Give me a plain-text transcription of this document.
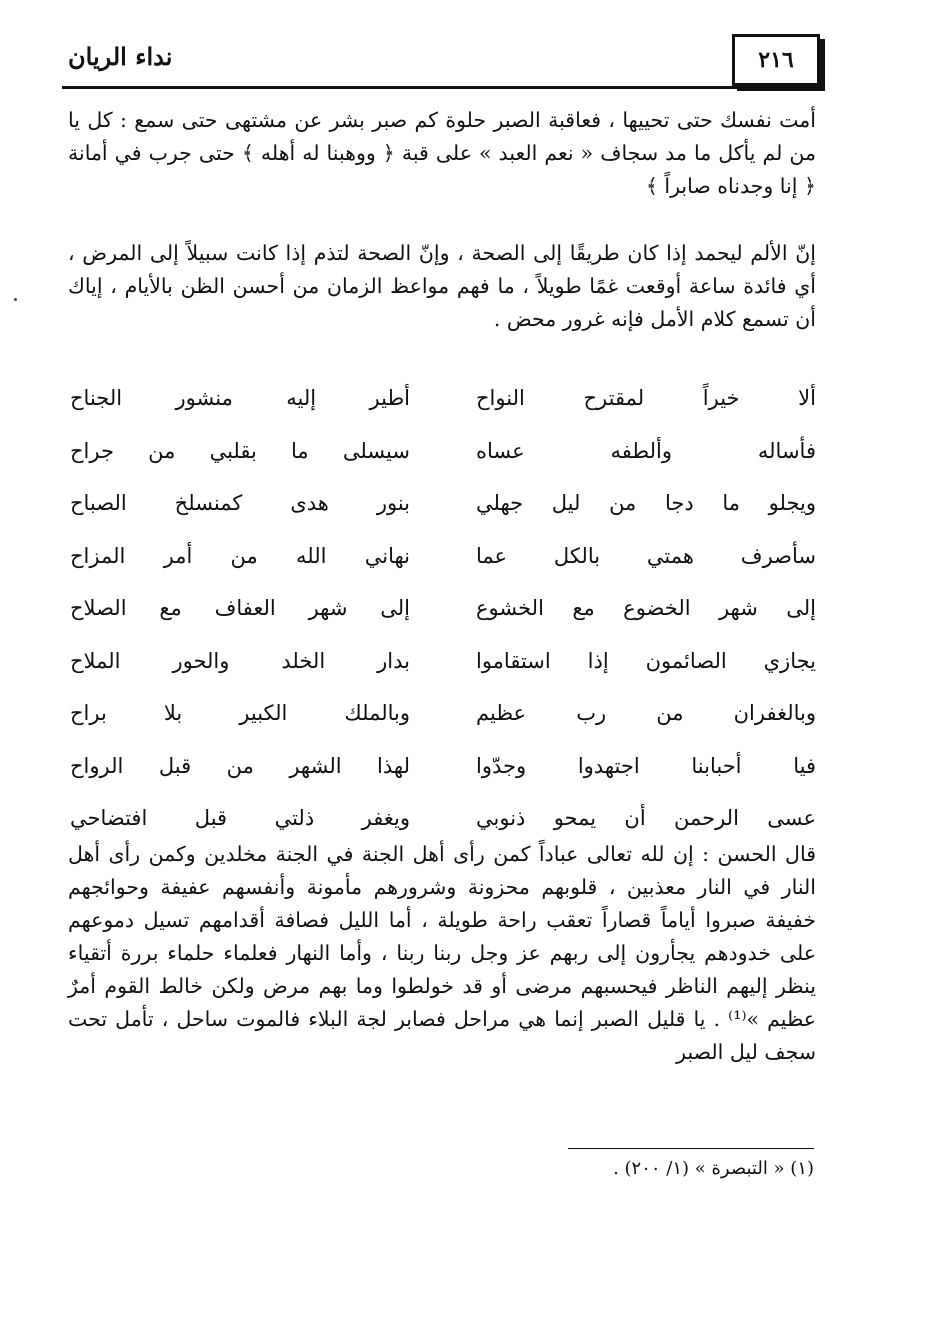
٢١٦
نداء الريان
أمت نفسك حتى تحييها ، فعاقبة الصبر حلوة كم صبر بشر عن مشتهى حتى سمع : كل يا من لم يأكل ما مد سجاف « نعم العبد » على قبة ﴿ ووهبنا له أهله ﴾ حتى جرب في أمانة ﴿ إنا وجدناه صابراً ﴾
إنّ الألم ليحمد إذا كان طريقًا إلى الصحة ، وإنّ الصحة لتذم إذا كانت سبيلاً إلى المرض ، أي فائدة ساعة أوقعت غمًا طويلاً ، ما فهم مواعظ الزمان من أحسن الظن بالأيام ، إياك أن تسمع كلام الأمل فإنه غرور محض .
ألا خيراً لمقترح النواح
أطير إليه منشور الجناح
فأساله وألطفه عساه
سيسلى ما بقلبي من جراح
ويجلو ما دجا من ليل جهلي
بنور هدى كمنسلخ الصباح
سأصرف همتي بالكل عما
نهاني الله من أمر المزاح
إلى شهر الخضوع مع الخشوع
إلى شهر العفاف مع الصلاح
يجازي الصائمون إذا استقاموا
بدار الخلد والحور الملاح
وبالغفران من رب عظيم
وبالملك الكبير بلا براح
فيا أحبابنا اجتهدوا وجدّوا
لهذا الشهر من قبل الرواح
عسى الرحمن أن يمحو ذنوبي
ويغفر ذلتي قبل افتضاحي
قال الحسن : إن لله تعالى عباداً كمن رأى أهل الجنة في الجنة مخلدين وكمن رأى أهل النار في النار معذبين ، قلوبهم محزونة وشرورهم مأمونة وأنفسهم عفيفة وحوائجهم خفيفة صبروا أياماً قصاراً تعقب راحة طويلة ، أما الليل فصافة أقدامهم تسيل دموعهم على خدودهم يجأرون إلى ربهم عز وجل ربنا ربنا ، وأما النهار فعلماء حلماء بررة أتقياء ينظر إليهم الناظر فيحسبهم مرضى أو قد خولطوا وما بهم مرض ولكن خالط القوم أمرٌ عظيم »⁽¹⁾ . يا قليل الصبر إنما هي مراحل فصابر لجة البلاء فالموت ساحل ، تأمل تحت سجف ليل الصبر
(١) « التبصرة » (١/ ٢٠٠) .
